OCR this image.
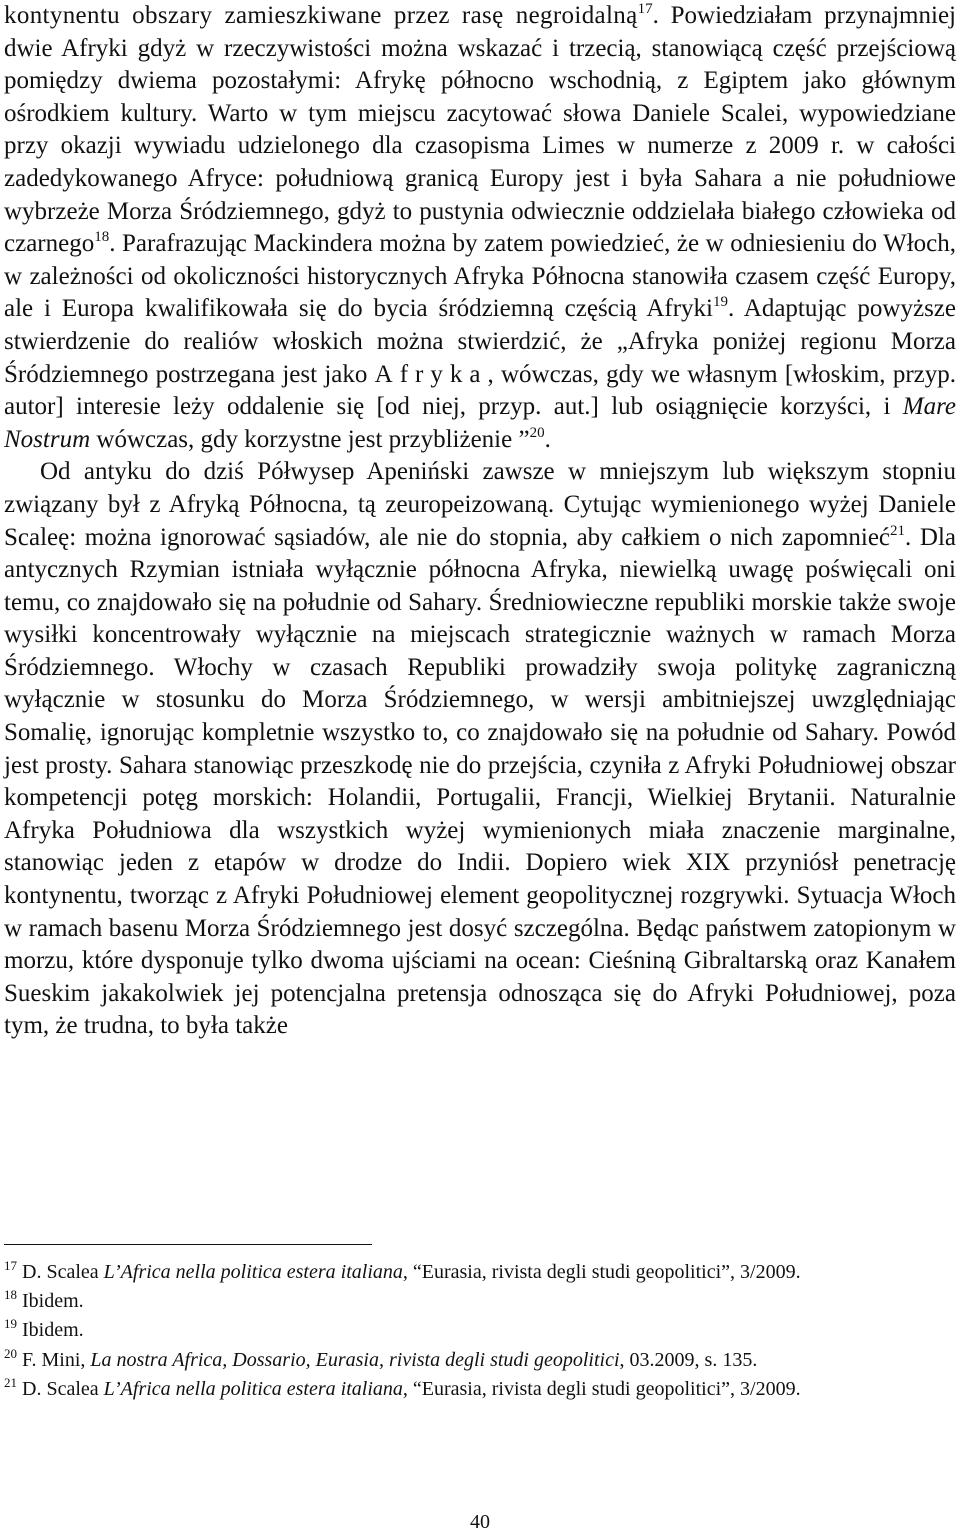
kontynentu obszary zamieszkiwane przez rasę negroidalną$^{17}$. Powiedziałam przynajmniej dwie Afryki gdyż w rzeczywistości można wskazać i trzecią, stanowiącą część przejściową pomiędzy dwiema pozostałymi: Afrykę północno wschodnią, z Egiptem jako głównym ośrodkiem kultury. Warto w tym miejscu zacytować słowa Daniele Scalei, wypowiedziane przy okazji wywiadu udzielonego dla czasopisma Limes w numerze z 2009 r. w całości zadedykowanego Afryce: południową granicą Europy jest i była Sahara a nie południowe wybrzeże Morza Śródziemnego, gdyż to pustynia odwiecznie oddzielała białego człowieka od czarnego$^{18}$. Parafrazując Mackindera można by zatem powiedzieć, że w odniesieniu do Włoch, w zależności od okoliczności historycznych Afryka Północna stanowiła czasem część Europy, ale i Europa kwalifikowała się do bycia śródziemną częścią Afryki$^{19}$. Adaptując powyższe stwierdzenie do realiów włoskich można stwierdzić, że „Afryka poniżej regionu Morza Śródziemnego postrzegana jest jako Afryka, wówczas, gdy we własnym [włoskim, przyp. autor] interesie leży oddalenie się [od niej, przyp. aut.] lub osiągnięcie korzyści, i Mare Nostrum wówczas, gdy korzystne jest przybliżenie ”$^{20}$.

Od antyku do dziś Półwysep Apeniński zawsze w mniejszym lub większym stopniu związany był z Afryką Północna, tą zeuropeizowaną. Cytując wymienionego wyżej Daniele Scaleę: można ignorować sąsiadów, ale nie do stopnia, aby całkiem o nich zapomnieć$^{21}$. Dla antycznych Rzymian istniała wyłącznie północna Afryka, niewielką uwagę poświęcali oni temu, co znajdowało się na południe od Sahary. Średniowieczne republiki morskie także swoje wysiłki koncentrowały wyłącznie na miejscach strategicznie ważnych w ramach Morza Śródziemnego. Włochy w czasach Republiki prowadziły swoja politykę zagraniczną wyłącznie w stosunku do Morza Śródziemnego, w wersji ambitniejszej uwzględniając Somalię, ignorując kompletnie wszystko to, co znajdowało się na południe od Sahary. Powód jest prosty. Sahara stanowiąc przeszkodę nie do przejścia, czyniła z Afryki Południowej obszar kompetencji potęg morskich: Holandii, Portugalii, Francji, Wielkiej Brytanii. Naturalnie Afryka Południowa dla wszystkich wyżej wymienionych miała znaczenie marginalne, stanowiąc jeden z etapów w drodze do Indii. Dopiero wiek XIX przyniósł penetrację kontynentu, tworząc z Afryki Południowej element geopolitycznej rozgrywki. Sytuacja Włoch w ramach basenu Morza Śródziemnego jest dosyć szczególna. Będąc państwem zatopionym w morzu, które dysponuje tylko dwoma ujściami na ocean: Cieśniną Gibraltarską oraz Kanałem Sueskim jakakolwiek jej potencjalna pretensja odnosząca się do Afryki Południowej, poza tym, że trudna, to była także

$^{17}$ D. Scalea L’Africa nella politica estera italiana, “Eurasia, rivista degli studi geopolitici”, 3/2009.

$^{18}$ Ibidem.

$^{19}$ Ibidem.

$^{20}$ F. Mini, La nostra Africa, Dossario, Eurasia, rivista degli studi geopolitici, 03.2009, s. 135.

$^{21}$ D. Scalea L’Africa nella politica estera italiana, “Eurasia, rivista degli studi geopolitici”, 3/2009.

40
